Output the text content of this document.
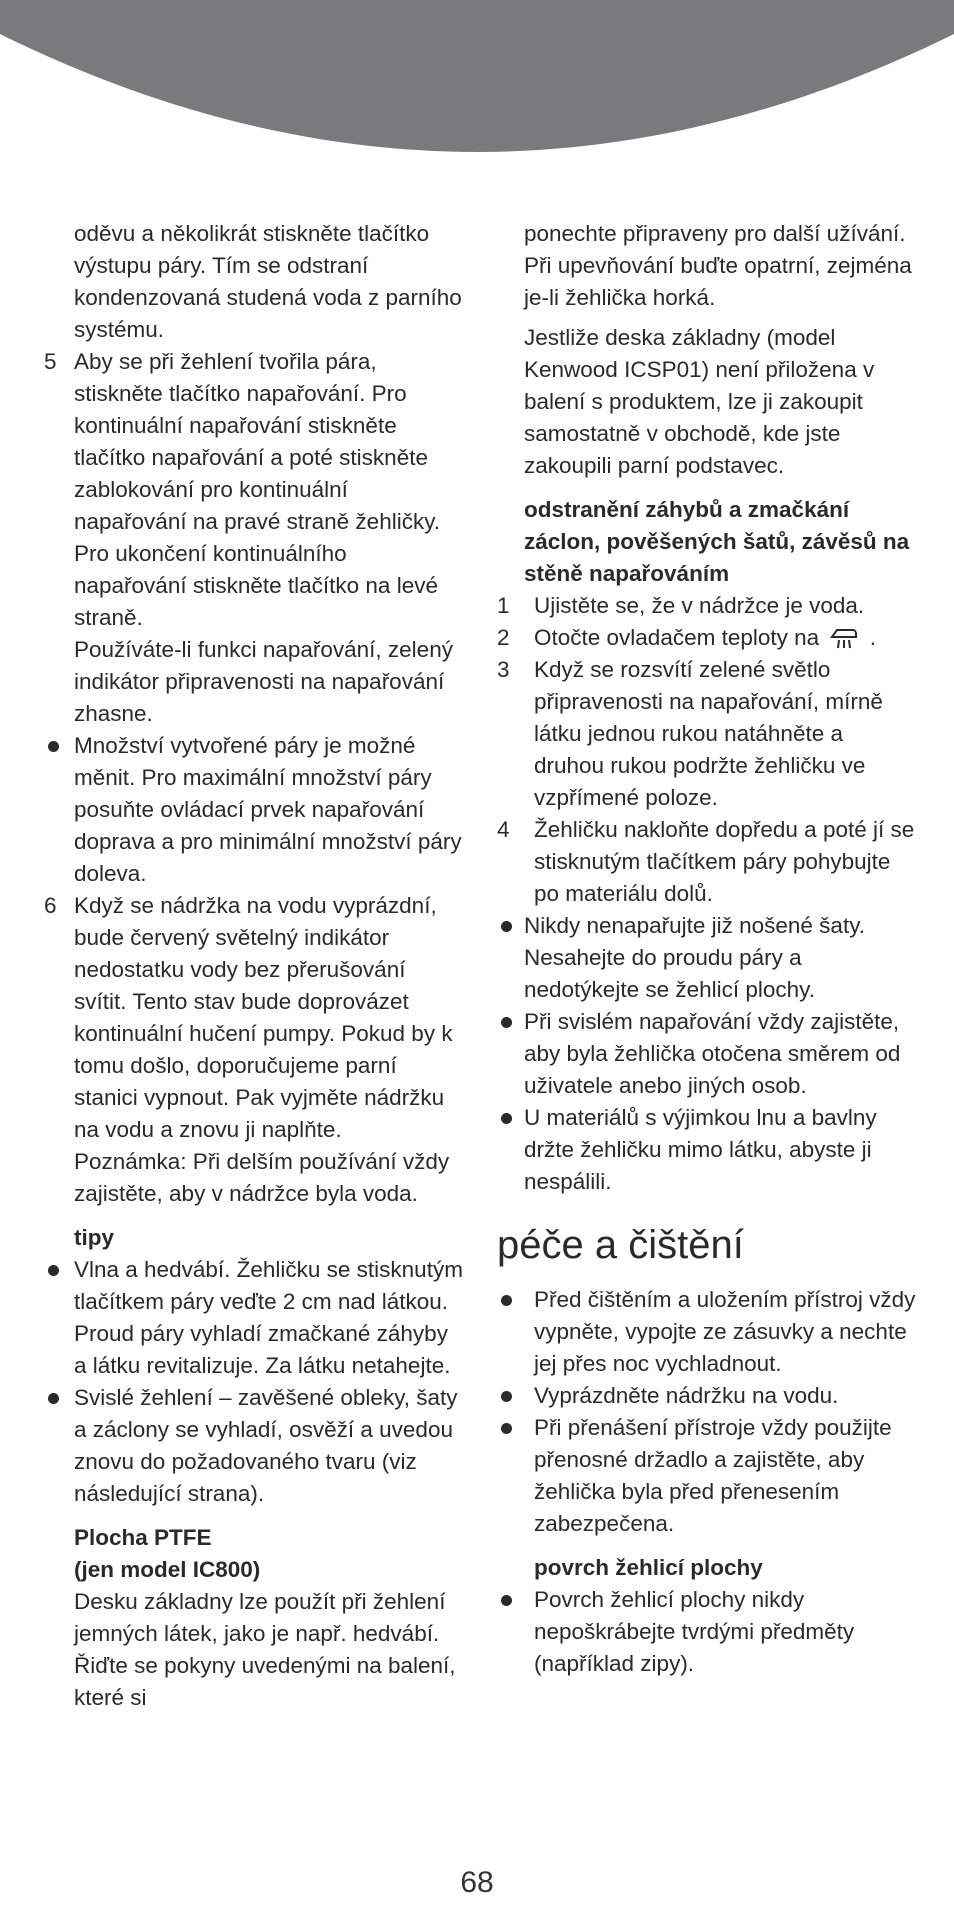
oděvu a několikrát stiskněte tlačítko výstupu páry. Tím se odstraní kondenzovaná studená voda z parního systému.

5 Aby se při žehlení tvořila pára, stiskněte tlačítko napařování. Pro kontinuální napařování stiskněte tlačítko napařování a poté stiskněte zablokování pro kontinuální napařování na pravé straně žehličky. Pro ukončení kontinuálního napařování stiskněte tlačítko na levé straně.

Používáte-li funkci napařování, zelený indikátor připravenosti na napařování zhasne.

Množství vytvořené páry je možné měnit. Pro maximální množství páry posuňte ovládací prvek napařování doprava a pro minimální množství páry doleva.
6 Když se nádržka na vodu vyprázdní, bude červený světelný indikátor nedostatku vody bez přerušování svítit. Tento stav bude doprovázet kontinuální hučení pumpy. Pokud by k tomu došlo, doporučujeme parní stanici vypnout. Pak vyjměte nádržku na vodu a znovu ji naplňte.

Poznámka: Při delším používání vždy zajistěte, aby v nádržce byla voda.

tipy

Vlna a hedvábí. Žehličku se stisknutým tlačítkem páry veďte 2 cm nad látkou. Proud páry vyhladí zmačkané záhyby a látku revitalizuje. Za látku netahejte.
Svislé žehlení – zavěšené obleky, šaty a záclony se vyhladí, osvěží a uvedou znovu do požadovaného tvaru (viz následující strana).

Plocha PTFE

(jen model IC800)

Desku základny lze použít při žehlení jemných látek, jako je např. hedvábí. Řiďte se pokyny uvedenými na balení, které si

ponechte připraveny pro další užívání. Při upevňování buďte opatrní, zejména je-li žehlička horká.

Jestliže deska základny (model Kenwood ICSP01) není přiložena v balení s produktem, lze ji zakoupit samostatně v obchodě, kde jste zakoupili parní podstavec.

odstranění záhybů a zmačkání záclon, pověšených šatů, závěsů na stěně napařováním

1	Ujistěte se, že v nádržce je voda.
2	Otočte ovladačem teploty na .
3	Když se rozsvítí zelené světlo připravenosti na napařování, mírně látku jednou rukou natáhněte a druhou rukou podržte žehličku ve vzpřímené poloze.
4	Žehličku nakloňte dopředu a poté jí se stisknutým tlačítkem páry pohybujte po materiálu dolů.
Nikdy nenapařujte již nošené šaty. Nesahejte do proudu páry a nedotýkejte se žehlicí plochy.
Při svislém napařování vždy zajistěte, aby byla žehlička otočena směrem od uživatele anebo jiných osob.
U materiálů s výjimkou lnu a bavlny držte žehličku mimo látku, abyste ji nespálili.
péče a čištění
Před čištěním a uložením přístroj vždy vypněte, vypojte ze zásuvky a nechte jej přes noc vychladnout.
Vyprázdněte nádržku na vodu.
Při přenášení přístroje vždy použijte přenosné držadlo a zajistěte, aby žehlička byla před přenesením zabezpečena.

povrch žehlicí plochy

Povrch žehlicí plochy nikdy nepoškrábejte tvrdými předměty (například zipy).
68
